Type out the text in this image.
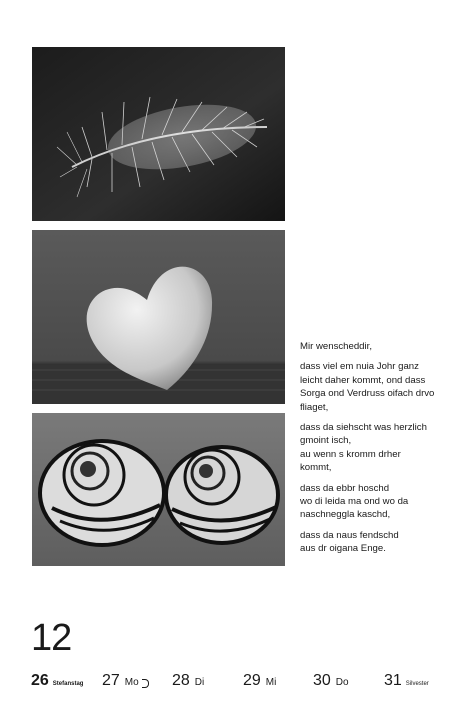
Mir wenscheddir,

dass viel em nuia Johr ganz
leicht daher kommt, ond dass
Sorga ond Verdruss oifach drvo
fliaget,

dass da siehscht was herzlich
gmoint isch,
au wenn s kromm drher
kommt,

dass da ebbr hoschd
wo di leida ma ond wo da
naschneggla kaschd,

dass da naus fendschd
aus dr oigana Enge.

12
26 Stefanstag 27 Mo 28 Di 29 Mi 30 Do 31 Silvester
